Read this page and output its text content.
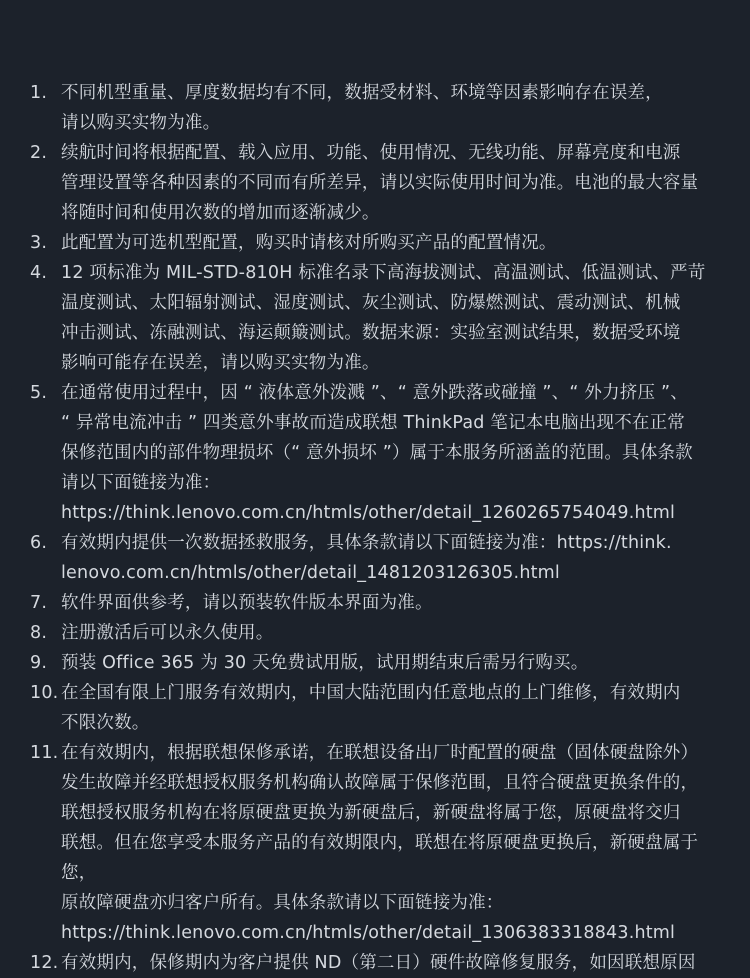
1. 不同机型重量、厚度数据均有不同，数据受材料、环境等因素影响存在误差，
请以购买实物为准。
2. 续航时间将根据配置、载入应用、功能、使用情况、无线功能、屏幕亮度和电源
管理设置等各种因素的不同而有所差异，请以实际使用时间为准。电池的最大容量
将随时间和使用次数的增加而逐渐减少。
3. 此配置为可选机型配置，购买时请核对所购买产品的配置情况。
4. 12 项标准为 MIL-STD-810H 标准名录下高海拔测试、高温测试、低温测试、严苛
温度测试、太阳辐射测试、湿度测试、灰尘测试、防爆燃测试、震动测试、机械
冲击测试、冻融测试、海运颠簸测试。数据来源：实验室测试结果，数据受环境
影响可能存在误差，请以购买实物为准。
5. 在通常使用过程中，因 “ 液体意外泼溅 ”、“ 意外跌落或碰撞 ”、“ 外力挤压 ”、
“ 异常电流冲击 ” 四类意外事故而造成联想 ThinkPad 笔记本电脑出现不在正常
保修范围内的部件物理损坏（“ 意外损坏 ”）属于本服务所涵盖的范围。具体条款
请以下面链接为准：
https://think.lenovo.com.cn/htmls/other/detail_1260265754049.html
6. 有效期内提供一次数据拯救服务，具体条款请以下面链接为准：https://think.
lenovo.com.cn/htmls/other/detail_1481203126305.html
7. 软件界面供参考，请以预装软件版本界面为准。
8. 注册激活后可以永久使用。
9. 预装 Office 365 为 30 天免费试用版，试用期结束后需另行购买。
10. 在全国有限上门服务有效期内，中国大陆范围内任意地点的上门维修，有效期内
不限次数。
11. 在有效期内，根据联想保修承诺，在联想设备出厂时配置的硬盘（固体硬盘除外）
发生故障并经联想授权服务机构确认故障属于保修范围，且符合硬盘更换条件的，
联想授权服务机构在将原硬盘更换为新硬盘后，新硬盘将属于您，原硬盘将交归
联想。但在您享受本服务产品的有效期限内，联想在将原硬盘更换后，新硬盘属于您，
原故障硬盘亦归客户所有。具体条款请以下面链接为准：
https://think.lenovo.com.cn/htmls/other/detail_1306383318843.html
12. 有效期内，保修期内为客户提供 ND（第二日）硬件故障修复服务，如因联想原因
